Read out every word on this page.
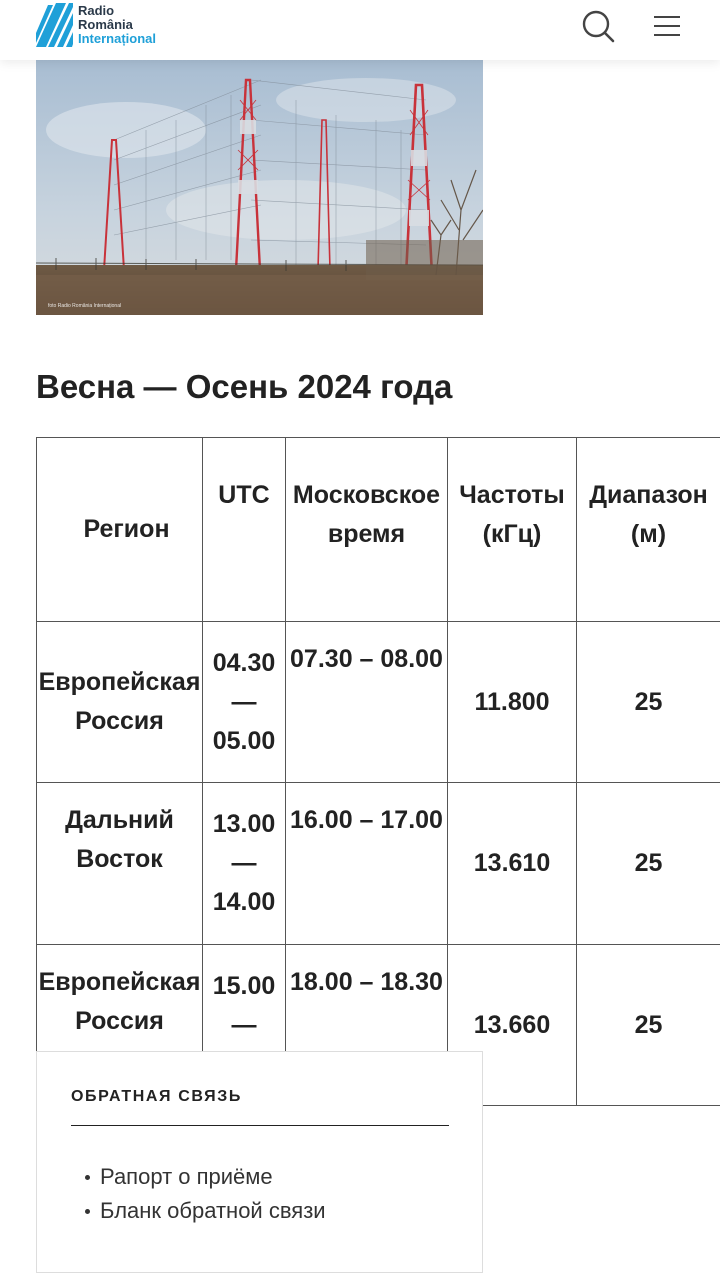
Radio
România
Internațional
foto Radio România Internațional
Весна — Осень 2024 года
Регион	UTC	Московское время	Частоты (кГц)	Диапазон (м)
Европейская Россия	04.30 — 05.00	07.30 – 08.00	11.800	25
Дальний Восток	13.00 — 14.00	16.00 – 17.00	13.610	25
Европейская Россия	15.00 —	18.00 – 18.30	13.660	25
ОБРАТНАЯ СВЯЗЬ
Рапорт о приёме
Бланк обратной связи
